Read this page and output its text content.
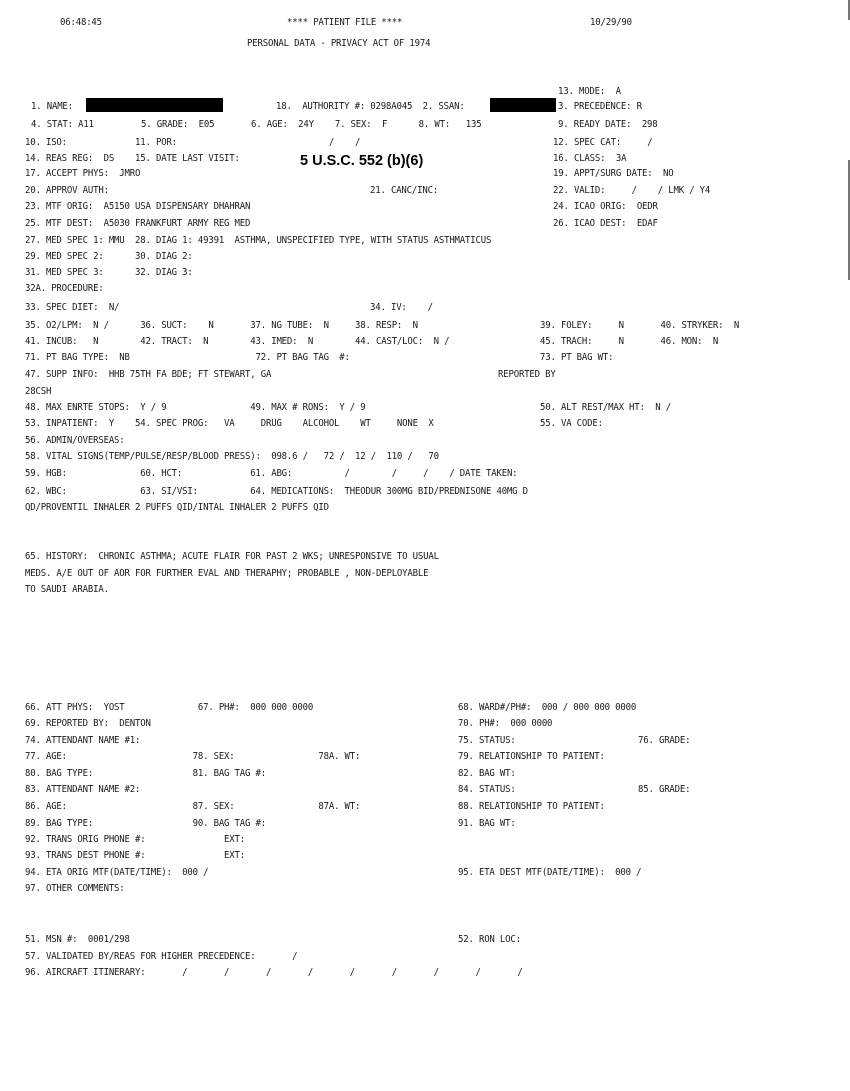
06:48:45	**** PATIENT FILE ****	10/29/90
PERSONAL DATA - PRIVACY ACT OF 1974
5 U.S.C. 552 (b)(6)
13. MODE:  A
1. NAME:	18.  AUTHORITY #: 0298A045  2. SSAN:	3. PRECEDENCE: R
4. STAT: A11         5. GRADE:  E05       6. AGE:  24Y    7. SEX:  F      8. WT:   135	9. READY DATE:  298
10. ISO:             11. POR:                             /    /	12. SPEC CAT:     /
14. REAS REG:  DS    15. DATE LAST VISIT:	16. CLASS:  3A
17. ACCEPT PHYS:  JMRO	19. APPT/SURG DATE:  NO
20. APPROV AUTH:	21. CANC/INC:	22. VALID:     /    / LMK / Y4
23. MTF ORIG:  A5150 USA DISPENSARY DHAHRAN	24. ICAO ORIG:  OEDR
25. MTF DEST:  A5030 FRANKFURT ARMY REG MED	26. ICAO DEST:  EDAF
27. MED SPEC 1: MMU  28. DIAG 1: 49391  ASTHMA, UNSPECIFIED TYPE, WITH STATUS ASTHMATICUS
29. MED SPEC 2:      30. DIAG 2:
31. MED SPEC 3:      32. DIAG 3:
32A. PROCEDURE:
33. SPEC DIET:  N/	34. IV:    /
35. O2/LPM:  N /      36. SUCT:    N       37. NG TUBE:  N     38. RESP:  N	39. FOLEY:     N       40. STRYKER:  N
41. INCUB:   N        42. TRACT:  N        43. IMED:  N        44. CAST/LOC:  N /	45. TRACH:     N       46. MON:  N
71. PT BAG TYPE:  NB                        72. PT BAG TAG  #:	73. PT BAG WT:
47. SUPP INFO:  HHB 75TH FA BDE; FT STEWART, GA	REPORTED BY
28CSH
48. MAX ENRTE STOPS:  Y / 9                49. MAX # RONS:  Y / 9	50. ALT REST/MAX HT:  N /
53. INPATIENT:  Y    54. SPEC PROG:   VA     DRUG    ALCOHOL    WT     NONE  X	55. VA CODE:
56. ADMIN/OVERSEAS:
58. VITAL SIGNS(TEMP/PULSE/RESP/BLOOD PRESS):  098.6 /   72 /  12 /  110 /   70
59. HGB:              60. HCT:             61. ABG:          /        /     /    / DATE TAKEN:
62. WBC:              63. SI/VSI:          64. MEDICATIONS:  THEODUR 300MG BID/PREDNISONE 40MG D
QD/PROVENTIL INHALER 2 PUFFS QID/INTAL INHALER 2 PUFFS QID
65. HISTORY:  CHRONIC ASTHMA; ACUTE FLAIR FOR PAST 2 WKS; UNRESPONSIVE TO USUAL
MEDS. A/E OUT OF AOR FOR FURTHER EVAL AND THERAPHY; PROBABLE , NON-DEPLOYABLE
TO SAUDI ARABIA.
66. ATT PHYS:  YOST              67. PH#:  000 000 0000	68. WARD#/PH#:  000 / 000 000 0000
69. REPORTED BY:  DENTON	70. PH#:  000 0000
74. ATTENDANT NAME #1:	75. STATUS:	76. GRADE:
77. AGE:                        78. SEX:                78A. WT:	79. RELATIONSHIP TO PATIENT:
80. BAG TYPE:                   81. BAG TAG #:	82. BAG WT:
83. ATTENDANT NAME #2:	84. STATUS:	85. GRADE:
86. AGE:                        87. SEX:                87A. WT:	88. RELATIONSHIP TO PATIENT:
89. BAG TYPE:                   90. BAG TAG #:	91. BAG WT:
92. TRANS ORIG PHONE #:               EXT:
93. TRANS DEST PHONE #:               EXT:
94. ETA ORIG MTF(DATE/TIME):  000 /	95. ETA DEST MTF(DATE/TIME):  000 /
97. OTHER COMMENTS:
51. MSN #:  0001/298	52. RON LOC:
57. VALIDATED BY/REAS FOR HIGHER PRECEDENCE:       /
96. AIRCRAFT ITINERARY:       /       /       /       /       /       /       /       /       /
